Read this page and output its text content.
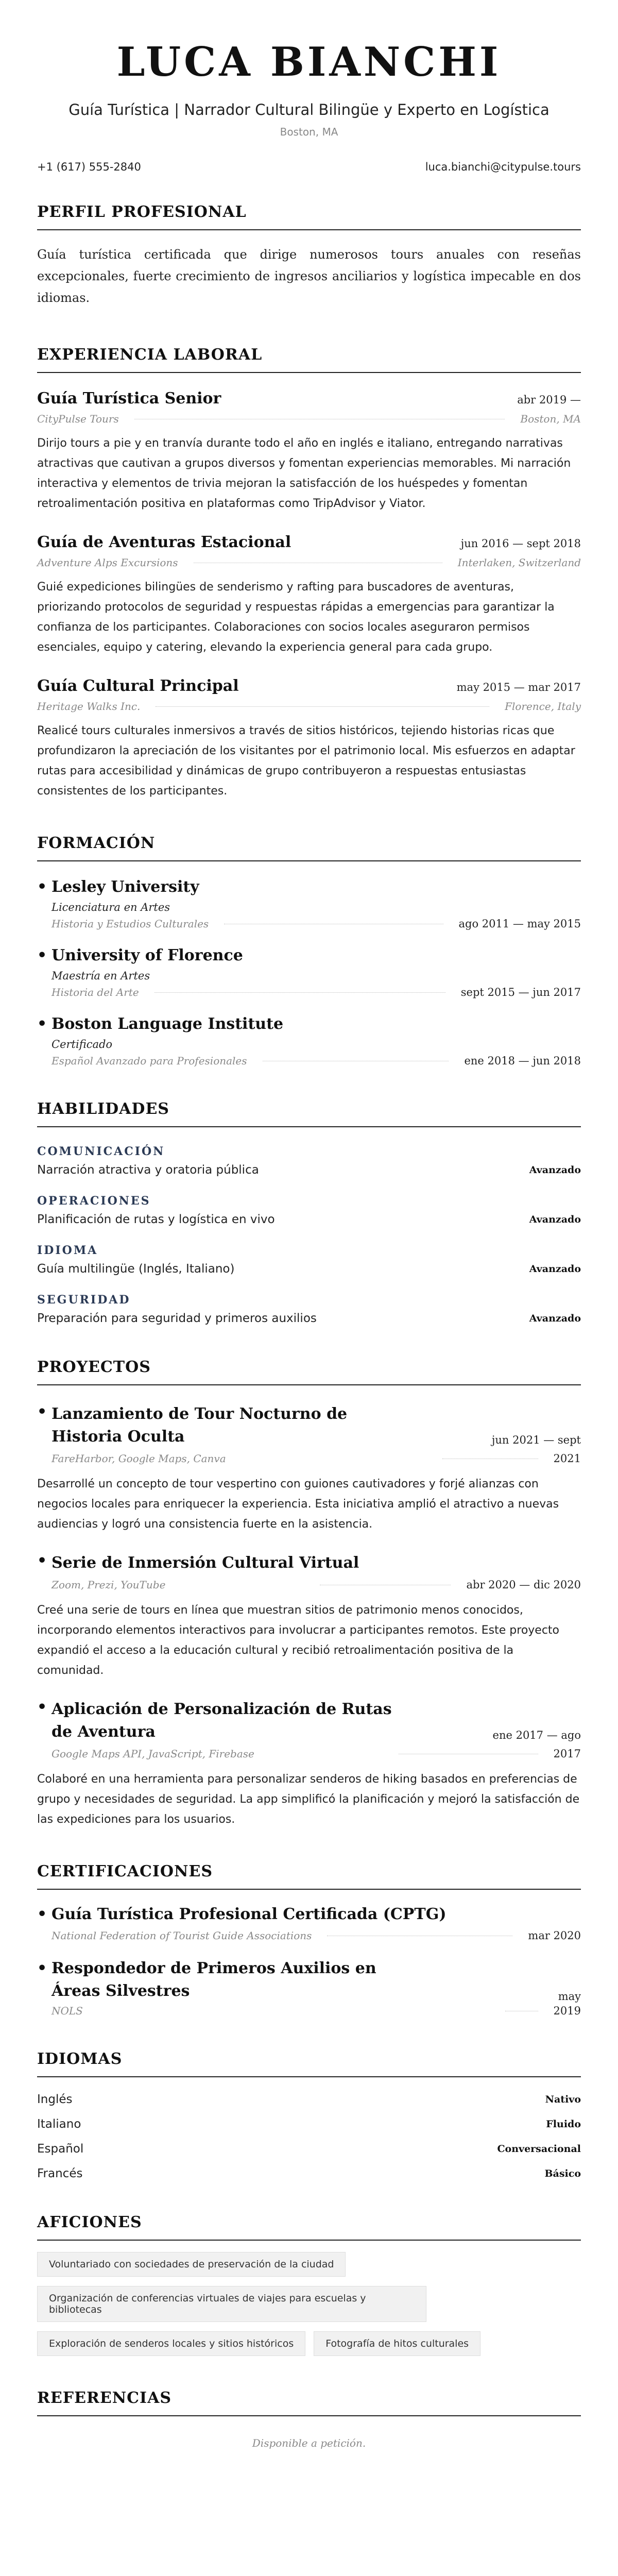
LUCA BIANCHI
Guía Turística | Narrador Cultural Bilingüe y Experto en Logística
Boston, MA
+1 (617) 555-2840	luca.bianchi@citypulse.tours
PERFIL PROFESIONAL

Guía turística certificada que dirige numerosos tours anuales con reseñas excepcionales, fuerte crecimiento de ingresos anciliarios y logística impecable en dos idiomas.

EXPERIENCIA LABORAL
Guía Turística Senior	abr 2019 —
CityPulse Tours	Boston, MA

Dirijo tours a pie y en tranvía durante todo el año en inglés e italiano, entregando narrativas atractivas que cautivan a grupos diversos y fomentan experiencias memorables. Mi narración interactiva y elementos de trivia mejoran la satisfacción de los huéspedes y fomentan retroalimentación positiva en plataformas como TripAdvisor y Viator.

Guía de Aventuras Estacional	jun 2016 — sept 2018
Adventure Alps Excursions	Interlaken, Switzerland

Guié expediciones bilingües de senderismo y rafting para buscadores de aventuras, priorizando protocolos de seguridad y respuestas rápidas a emergencias para garantizar la confianza de los participantes. Colaboraciones con socios locales aseguraron permisos esenciales, equipo y catering, elevando la experiencia general para cada grupo.

Guía Cultural Principal	may 2015 — mar 2017
Heritage Walks Inc.	Florence, Italy

Realicé tours culturales inmersivos a través de sitios históricos, tejiendo historias ricas que profundizaron la apreciación de los visitantes por el patrimonio local. Mis esfuerzos en adaptar rutas para accesibilidad y dinámicas de grupo contribuyeron a respuestas entusiastas consistentes de los participantes.

FORMACIÓN
• Lesley University
Licenciatura en Artes
Historia y Estudios Culturales	ago 2011 — may 2015
• University of Florence
Maestría en Artes
Historia del Arte	sept 2015 — jun 2017
• Boston Language Institute
Certificado
Español Avanzado para Profesionales	ene 2018 — jun 2018
HABILIDADES
COMUNICACIÓN
Narración atractiva y oratoria pública	Avanzado
OPERACIONES
Planificación de rutas y logística en vivo	Avanzado
IDIOMA
Guía multilingüe (Inglés, Italiano)	Avanzado
SEGURIDAD
Preparación para seguridad y primeros auxilios	Avanzado
PROYECTOS
• Lanzamiento de Tour Nocturno de Historia Oculta	jun 2021 — sept
FareHarbor, Google Maps, Canva	2021

Desarrollé un concepto de tour vespertino con guiones cautivadores y forjé alianzas con negocios locales para enriquecer la experiencia. Esta iniciativa amplió el atractivo a nuevas audiencias y logró una consistencia fuerte en la asistencia.

• Serie de Inmersión Cultural Virtual
Zoom, Prezi, YouTube	abr 2020 — dic 2020

Creé una serie de tours en línea que muestran sitios de patrimonio menos conocidos, incorporando elementos interactivos para involucrar a participantes remotos. Este proyecto expandió el acceso a la educación cultural y recibió retroalimentación positiva de la comunidad.

• Aplicación de Personalización de Rutas de Aventura	ene 2017 — ago
Google Maps API, JavaScript, Firebase	2017

Colaboré en una herramienta para personalizar senderos de hiking basados en preferencias de grupo y necesidades de seguridad. La app simplificó la planificación y mejoró la satisfacción de las expediciones para los usuarios.

CERTIFICACIONES
• Guía Turística Profesional Certificada (CPTG)
National Federation of Tourist Guide Associations	mar 2020
• Respondedor de Primeros Auxilios en Áreas Silvestres	may
NOLS	2019
IDIOMAS
Inglés	Nativo
Italiano	Fluido
Español	Conversacional
Francés	Básico
AFICIONES
Voluntariado con sociedades de preservación de la ciudad
Organización de conferencias virtuales de viajes para escuelas y bibliotecas
Exploración de senderos locales y sitios históricos	Fotografía de hitos culturales
REFERENCIAS
Disponible a petición.
